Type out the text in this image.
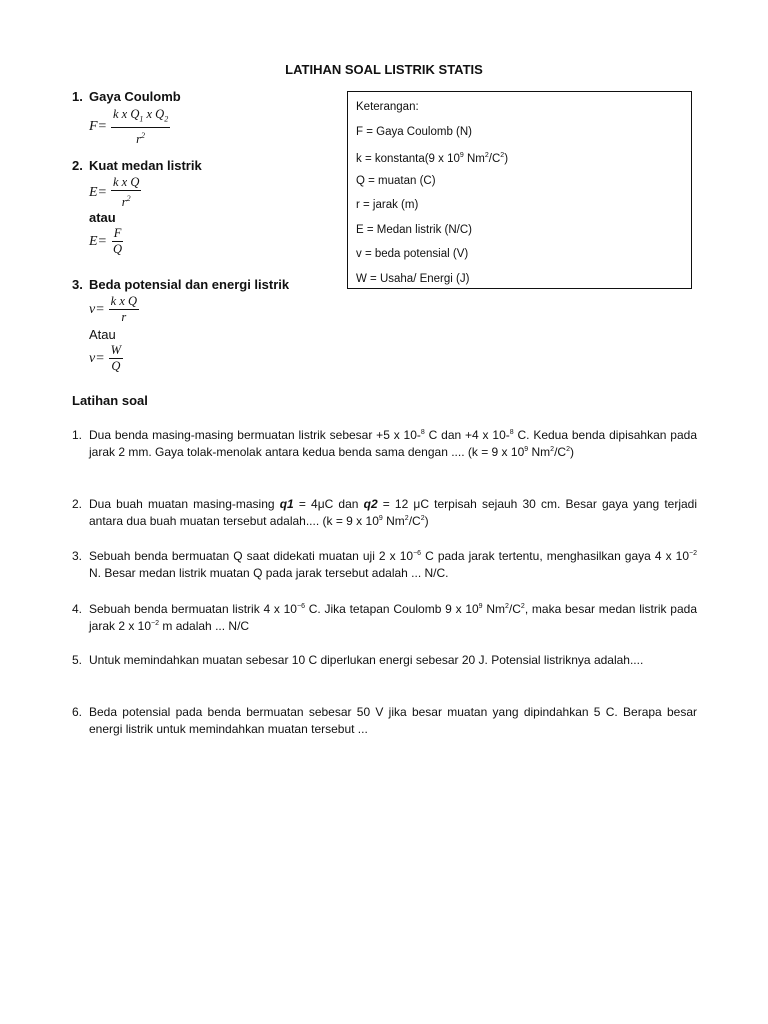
LATIHAN SOAL LISTRIK STATIS
1. Gaya Coulomb
$F= \frac{k x Q_1 x Q_2}{r^2}$
2. Kuat medan listrik
$E= \frac{\text{k x Q}}{r^2}$
atau
$E= \frac{F}{Q}$
3. Beda potensial dan energi listrik
$v= \frac{\text{k x Q}}{r}$
Atau
$v= \frac{W}{Q}$
Keterangan:
F = Gaya Coulomb (N)
k = konstanta(9 x $10^9$ $Nm^2/C^2$)
Q = muatan (C)
r = jarak (m)
E = Medan listrik (N/C)
v = beda potensial (V)
W = Usaha/ Energi (J)
Latihan soal
1. Dua benda masing-masing bermuatan listrik sebesar +5 x 10-$^8$ C dan +4 x 10-$^8$ C. Kedua benda dipisahkan pada jarak 2 mm. Gaya tolak-menolak antara kedua benda sama dengan .... (k = 9 x $10^9$ $Nm^2/C^2$)
2. Dua buah muatan masing-masing q1 = 4μC dan q2 = 12 μC terpisah sejauh 30 cm. Besar gaya yang terjadi antara dua buah muatan tersebut adalah.... (k = 9 x $10^9$ $Nm^2/C^2$)
3. Sebuah benda bermuatan Q saat didekati muatan uji 2 x $10^{-6}$ C pada jarak tertentu, menghasilkan gaya 4 x $10^{-2}$ N. Besar medan listrik muatan Q pada jarak tersebut adalah ... N/C.
4. Sebuah benda bermuatan listrik 4 x $10^{-6}$ C. Jika tetapan Coulomb 9 x $10^9$ $Nm^2/C^2$, maka besar medan listrik pada jarak 2 x $10^{-2}$ m adalah ... N/C
5. Untuk memindahkan muatan sebesar 10 C diperlukan energi sebesar 20 J. Potensial listriknya adalah....
6. Beda potensial pada benda bermuatan sebesar 50 V jika besar muatan yang dipindahkan 5 C. Berapa besar energi listrik untuk memindahkan muatan tersebut ...
